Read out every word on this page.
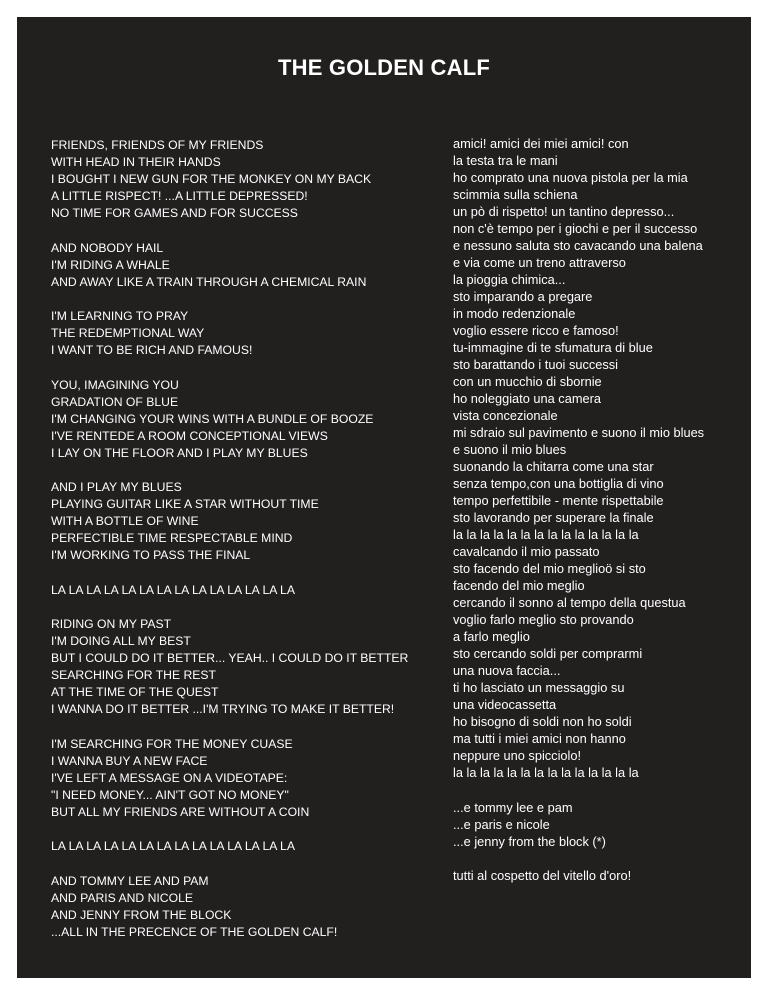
THE GOLDEN CALF
FRIENDS, FRIENDS OF MY FRIENDS
WITH HEAD IN THEIR HANDS
I BOUGHT I NEW GUN FOR THE MONKEY ON MY BACK
A LITTLE RISPECT! ...A LITTLE DEPRESSED!
NO TIME FOR GAMES AND FOR SUCCESS
AND NOBODY HAIL
I'M RIDING A WHALE
AND AWAY LIKE A TRAIN THROUGH A CHEMICAL RAIN
I'M LEARNING TO PRAY
THE REDEMPTIONAL WAY
I WANT TO BE RICH AND FAMOUS!
YOU, IMAGINING YOU
GRADATION OF BLUE
I'M CHANGING YOUR WINS WITH A BUNDLE OF BOOZE
I'VE RENTEDE A ROOM CONCEPTIONAL VIEWS
I LAY ON THE FLOOR AND I PLAY MY BLUES
AND I PLAY MY BLUES
PLAYING GUITAR LIKE A STAR WITHOUT TIME
WITH A BOTTLE OF WINE
PERFECTIBLE TIME RESPECTABLE MIND
I'M WORKING TO PASS THE FINAL
LA LA LA LA LA LA LA LA LA LA LA LA LA LA
RIDING ON MY PAST
I'M DOING ALL MY BEST
BUT I COULD DO IT BETTER... YEAH.. I COULD DO IT BETTER
SEARCHING FOR THE REST
AT THE TIME OF THE QUEST
I WANNA DO IT BETTER ...I'M TRYING TO MAKE IT BETTER!
I'M SEARCHING FOR THE MONEY CUASE
I WANNA BUY A NEW FACE
I'VE LEFT A MESSAGE ON A VIDEOTAPE:
"I NEED MONEY... AIN'T GOT NO MONEY"
BUT ALL MY FRIENDS ARE WITHOUT A COIN
LA LA LA LA LA LA LA LA LA LA LA LA LA LA
AND TOMMY LEE AND PAM
AND PARIS AND NICOLE
AND JENNY FROM THE BLOCK
...ALL IN THE PRECENCE OF THE GOLDEN CALF!
amici! amici dei miei amici! con
la testa tra le mani
ho comprato una nuova pistola per la mia
scimmia sulla schiena
un pò di rispetto! un tantino depresso...
non c'è tempo per i giochi e per il successo
e nessuno saluta sto cavacando una balena
e via come un treno attraverso
la pioggia chimica...
sto imparando a pregare
in modo redenzionale
voglio essere ricco e famoso!
tu-immagine di te sfumatura di blue
sto barattando i tuoi successi
con un mucchio di sbornie
ho noleggiato una camera
vista concezionale
mi sdraio sul pavimento e suono il mio blues
e suono il mio blues
suonando la chitarra come una star
senza tempo,con una bottiglia di vino
tempo perfettibile - mente rispettabile
sto lavorando per superare la finale
la la la la la la la la la la la la la la
cavalcando il mio passato
sto facendo del mio meglioö si sto
facendo del mio meglio
cercando il sonno al tempo della questua
voglio farlo meglio sto provando
a farlo meglio
sto cercando soldi per comprarmi
una nuova faccia...
ti ho lasciato un messaggio su
una videocassetta
ho bisogno di soldi non ho soldi
ma tutti i miei amici non hanno
neppure uno spicciolo!
la la la la la la la la la la la la la la
...e tommy lee e pam
...e paris e nicole
...e jenny from the block (*)
tutti al cospetto del vitello d'oro!
